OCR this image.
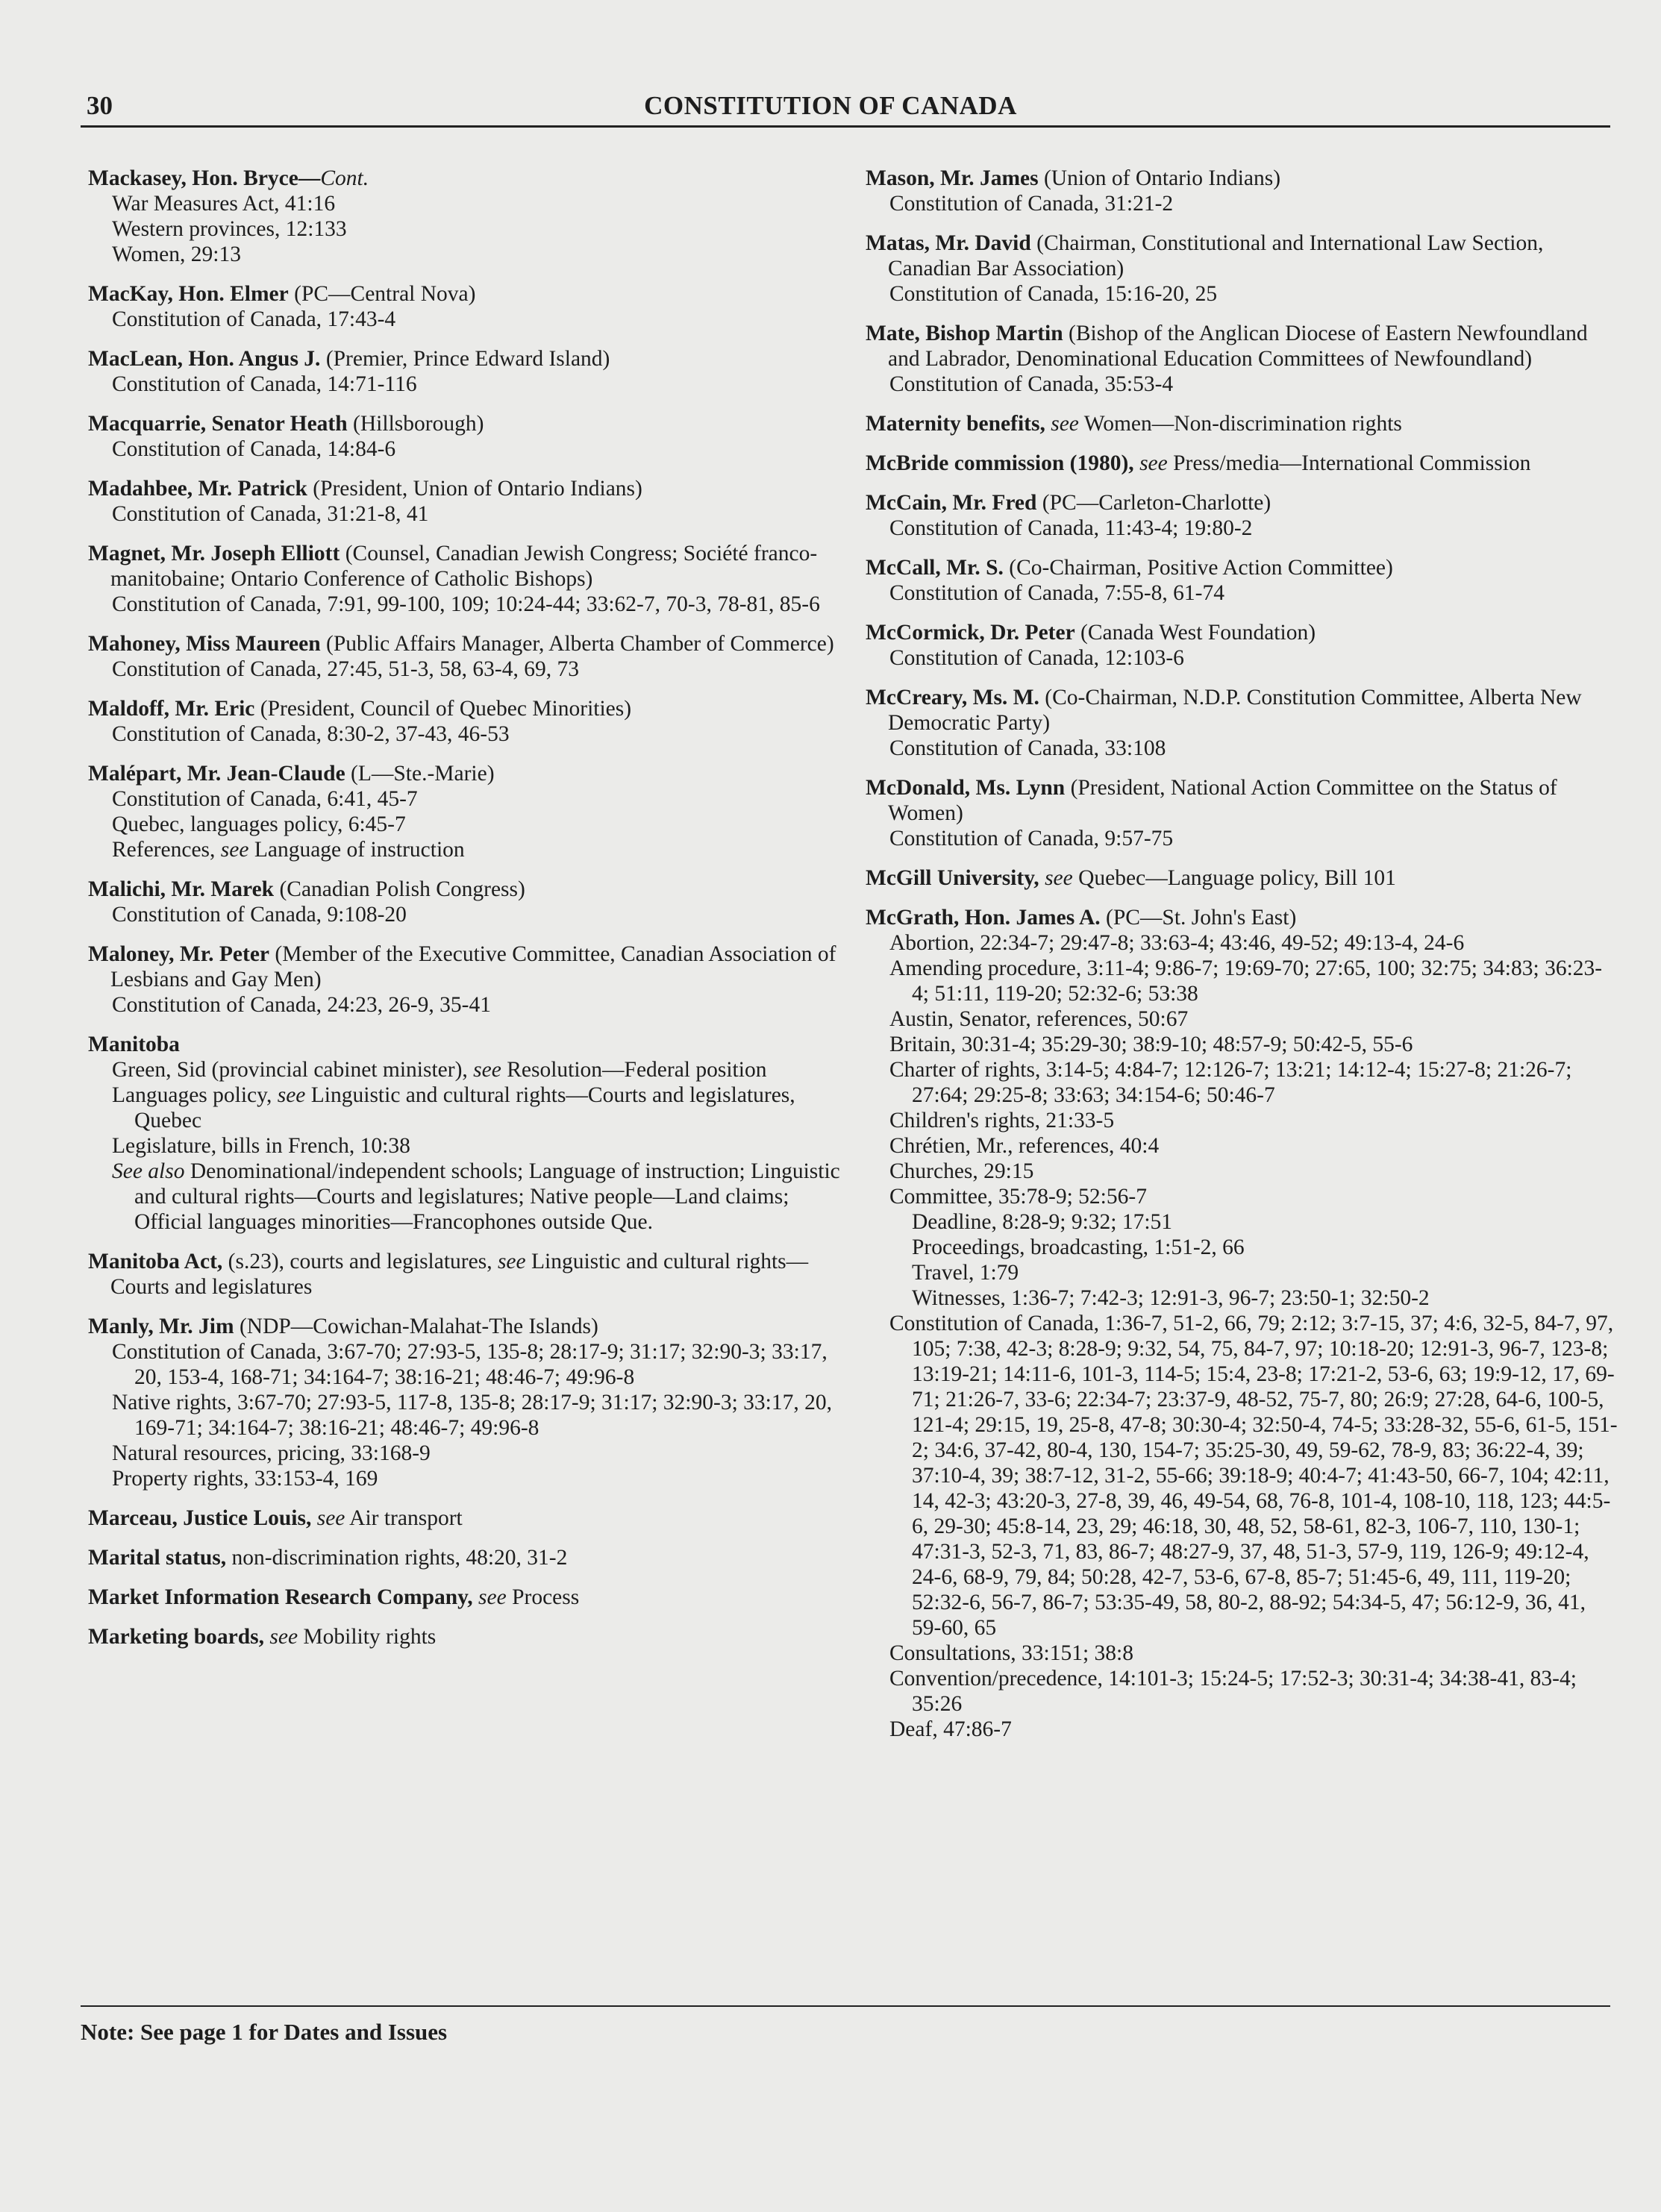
30	CONSTITUTION OF CANADA
Mackasey, Hon. Bryce—Cont.
War Measures Act, 41:16
Western provinces, 12:133
Women, 29:13
MacKay, Hon. Elmer (PC—Central Nova)
Constitution of Canada, 17:43-4
MacLean, Hon. Angus J. (Premier, Prince Edward Island)
Constitution of Canada, 14:71-116
Macquarrie, Senator Heath (Hillsborough)
Constitution of Canada, 14:84-6
Madahbee, Mr. Patrick (President, Union of Ontario Indians)
Constitution of Canada, 31:21-8, 41
Magnet, Mr. Joseph Elliott (Counsel, Canadian Jewish Congress; Société franco-manitobaine; Ontario Conference of Catholic Bishops)
Constitution of Canada, 7:91, 99-100, 109; 10:24-44; 33:62-7, 70-3, 78-81, 85-6
Mahoney, Miss Maureen (Public Affairs Manager, Alberta Chamber of Commerce)
Constitution of Canada, 27:45, 51-3, 58, 63-4, 69, 73
Maldoff, Mr. Eric (President, Council of Quebec Minorities)
Constitution of Canada, 8:30-2, 37-43, 46-53
Malépart, Mr. Jean-Claude (L—Ste.-Marie)
Constitution of Canada, 6:41, 45-7
Quebec, languages policy, 6:45-7
References, see Language of instruction
Malichi, Mr. Marek (Canadian Polish Congress)
Constitution of Canada, 9:108-20
Maloney, Mr. Peter (Member of the Executive Committee, Canadian Association of Lesbians and Gay Men)
Constitution of Canada, 24:23, 26-9, 35-41
Manitoba
Green, Sid (provincial cabinet minister), see Resolution—Federal position
Languages policy, see Linguistic and cultural rights—Courts and legislatures, Quebec
Legislature, bills in French, 10:38
See also Denominational/independent schools; Language of instruction; Linguistic and cultural rights—Courts and legislatures; Native people—Land claims; Official languages minorities—Francophones outside Que.
Manitoba Act, (s.23), courts and legislatures, see Linguistic and cultural rights—Courts and legislatures
Manly, Mr. Jim (NDP—Cowichan-Malahat-The Islands)
Constitution of Canada, 3:67-70; 27:93-5, 135-8; 28:17-9; 31:17; 32:90-3; 33:17, 20, 153-4, 168-71; 34:164-7; 38:16-21; 48:46-7; 49:96-8
Native rights, 3:67-70; 27:93-5, 117-8, 135-8; 28:17-9; 31:17; 32:90-3; 33:17, 20, 169-71; 34:164-7; 38:16-21; 48:46-7; 49:96-8
Natural resources, pricing, 33:168-9
Property rights, 33:153-4, 169
Marceau, Justice Louis, see Air transport
Marital status, non-discrimination rights, 48:20, 31-2
Market Information Research Company, see Process
Marketing boards, see Mobility rights
Mason, Mr. James (Union of Ontario Indians)
Constitution of Canada, 31:21-2
Matas, Mr. David (Chairman, Constitutional and International Law Section, Canadian Bar Association)
Constitution of Canada, 15:16-20, 25
Mate, Bishop Martin (Bishop of the Anglican Diocese of Eastern Newfoundland and Labrador, Denominational Education Committees of Newfoundland)
Constitution of Canada, 35:53-4
Maternity benefits, see Women—Non-discrimination rights
McBride commission (1980), see Press/media—International Commission
McCain, Mr. Fred (PC—Carleton-Charlotte)
Constitution of Canada, 11:43-4; 19:80-2
McCall, Mr. S. (Co-Chairman, Positive Action Committee)
Constitution of Canada, 7:55-8, 61-74
McCormick, Dr. Peter (Canada West Foundation)
Constitution of Canada, 12:103-6
McCreary, Ms. M. (Co-Chairman, N.D.P. Constitution Committee, Alberta New Democratic Party)
Constitution of Canada, 33:108
McDonald, Ms. Lynn (President, National Action Committee on the Status of Women)
Constitution of Canada, 9:57-75
McGill University, see Quebec—Language policy, Bill 101
McGrath, Hon. James A. (PC—St. John's East)
Abortion, 22:34-7; 29:47-8; 33:63-4; 43:46, 49-52; 49:13-4, 24-6
Amending procedure, 3:11-4; 9:86-7; 19:69-70; 27:65, 100; 32:75; 34:83; 36:23-4; 51:11, 119-20; 52:32-6; 53:38
Austin, Senator, references, 50:67
Britain, 30:31-4; 35:29-30; 38:9-10; 48:57-9; 50:42-5, 55-6
Charter of rights, 3:14-5; 4:84-7; 12:126-7; 13:21; 14:12-4; 15:27-8; 21:26-7; 27:64; 29:25-8; 33:63; 34:154-6; 50:46-7
Children's rights, 21:33-5
Chrétien, Mr., references, 40:4
Churches, 29:15
Committee, 35:78-9; 52:56-7
Deadline, 8:28-9; 9:32; 17:51
Proceedings, broadcasting, 1:51-2, 66
Travel, 1:79
Witnesses, 1:36-7; 7:42-3; 12:91-3, 96-7; 23:50-1; 32:50-2
Constitution of Canada, 1:36-7, 51-2, 66, 79; 2:12; 3:7-15, 37; 4:6, 32-5, 84-7, 97, 105; 7:38, 42-3; 8:28-9; 9:32, 54, 75, 84-7, 97; 10:18-20; 12:91-3, 96-7, 123-8; 13:19-21; 14:11-6, 101-3, 114-5; 15:4, 23-8; 17:21-2, 53-6, 63; 19:9-12, 17, 69-71; 21:26-7, 33-6; 22:34-7; 23:37-9, 48-52, 75-7, 80; 26:9; 27:28, 64-6, 100-5, 121-4; 29:15, 19, 25-8, 47-8; 30:30-4; 32:50-4, 74-5; 33:28-32, 55-6, 61-5, 151-2; 34:6, 37-42, 80-4, 130, 154-7; 35:25-30, 49, 59-62, 78-9, 83; 36:22-4, 39; 37:10-4, 39; 38:7-12, 31-2, 55-66; 39:18-9; 40:4-7; 41:43-50, 66-7, 104; 42:11, 14, 42-3; 43:20-3, 27-8, 39, 46, 49-54, 68, 76-8, 101-4, 108-10, 118, 123; 44:5-6, 29-30; 45:8-14, 23, 29; 46:18, 30, 48, 52, 58-61, 82-3, 106-7, 110, 130-1; 47:31-3, 52-3, 71, 83, 86-7; 48:27-9, 37, 48, 51-3, 57-9, 119, 126-9; 49:12-4, 24-6, 68-9, 79, 84; 50:28, 42-7, 53-6, 67-8, 85-7; 51:45-6, 49, 111, 119-20; 52:32-6, 56-7, 86-7; 53:35-49, 58, 80-2, 88-92; 54:34-5, 47; 56:12-9, 36, 41, 59-60, 65
Consultations, 33:151; 38:8
Convention/precedence, 14:101-3; 15:24-5; 17:52-3; 30:31-4; 34:38-41, 83-4; 35:26
Deaf, 47:86-7
Note: See page 1 for Dates and Issues
